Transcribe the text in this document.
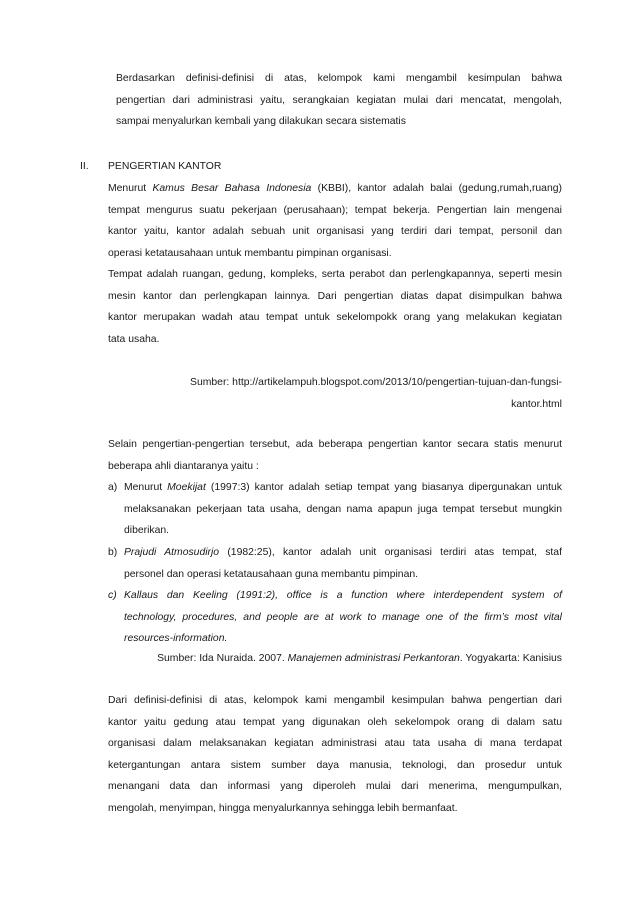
Berdasarkan definisi-definisi di atas, kelompok kami mengambil kesimpulan bahwa
pengertian dari administrasi yaitu, serangkaian kegiatan mulai dari mencatat, mengolah,
sampai menyalurkan kembali yang dilakukan secara sistematis
II. PENGERTIAN KANTOR
Menurut Kamus Besar Bahasa Indonesia (KBBI), kantor adalah balai (gedung,rumah,ruang)
tempat mengurus suatu pekerjaan (perusahaan); tempat bekerja. Pengertian lain mengenai
kantor yaitu, kantor adalah sebuah unit organisasi yang terdiri dari tempat, personil dan
operasi ketatausahaan untuk membantu pimpinan organisasi.
Tempat adalah ruangan, gedung, kompleks, serta perabot dan perlengkapannya, seperti mesin
mesin kantor dan perlengkapan lainnya. Dari pengertian diatas dapat disimpulkan bahwa
kantor merupakan wadah atau tempat untuk sekelompokk orang yang melakukan kegiatan
tata usaha.
Sumber: http://artikelampuh.blogspot.com/2013/10/pengertian-tujuan-dan-fungsi-
kantor.html
Selain pengertian-pengertian tersebut, ada beberapa pengertian kantor secara statis menurut
beberapa ahli diantaranya yaitu :
a) Menurut Moekijat (1997:3) kantor adalah setiap tempat yang biasanya dipergunakan untuk
melaksanakan pekerjaan tata usaha, dengan nama apapun juga tempat tersebut mungkin
diberikan.
b) Prajudi Atmosudirjo (1982:25), kantor adalah unit organisasi terdiri atas tempat, staf
personel dan operasi ketatausahaan guna membantu pimpinan.
c) Kallaus dan Keeling (1991:2), office is a function where interdependent system of
technology, procedures, and people are at work to manage one of the firm’s most vital
resources-information.
Sumber: Ida Nuraida. 2007. Manajemen administrasi Perkantoran. Yogyakarta: Kanisius
Dari definisi-definisi di atas, kelompok kami mengambil kesimpulan bahwa pengertian dari
kantor yaitu gedung atau tempat yang digunakan oleh sekelompok orang di dalam satu
organisasi dalam melaksanakan kegiatan administrasi atau tata usaha di mana terdapat
ketergantungan antara sistem sumber daya manusia, teknologi, dan prosedur untuk
menangani data dan informasi yang diperoleh mulai dari menerima, mengumpulkan,
mengolah, menyimpan, hingga menyalurkannya sehingga lebih bermanfaat.
